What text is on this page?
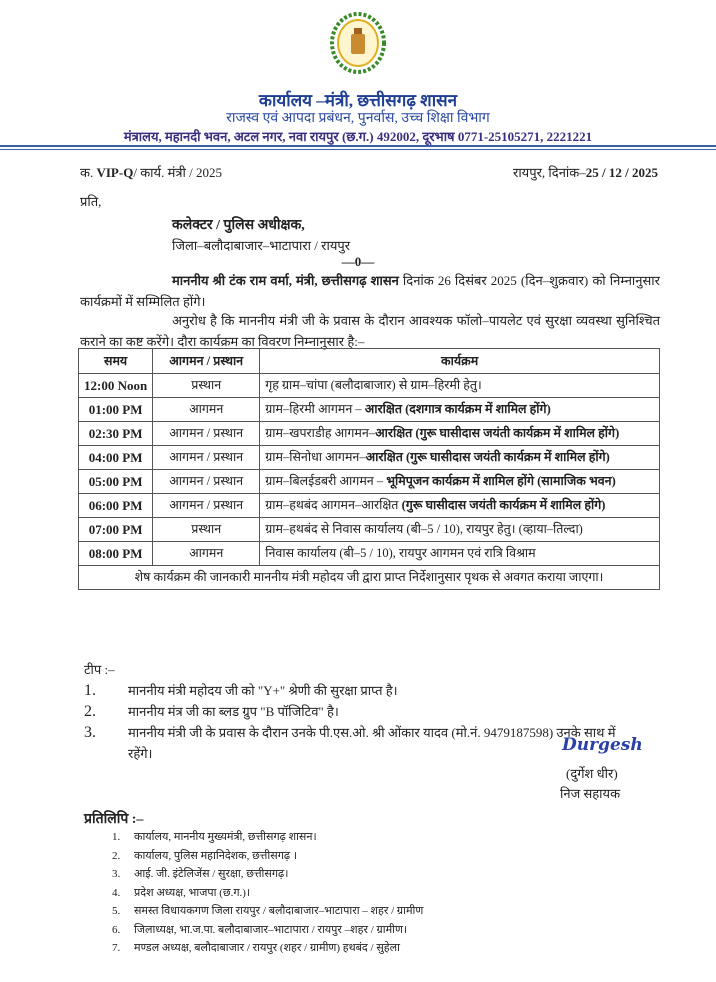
कार्यालय –मंत्री, छत्तीसगढ़ शासन
राजस्व एवं आपदा प्रबंधन, पुनर्वास, उच्च शिक्षा विभाग
मंत्रालय, महानदी भवन, अटल नगर, नवा रायपुर (छ.ग.) 492002, दूरभाष 0771-25105271, 2221221
क. VIP-Q/ कार्य. मंत्री / 2025	रायपुर, दिनांक–25 / 12 / 2025
प्रति,
कलेक्टर / पुलिस अधीक्षक,
जिला–बलौदाबाजार–भाटापारा / रायपुर
—0—
माननीय श्री टंक राम वर्मा, मंत्री, छत्तीसगढ़ शासन दिनांक 26 दिसंबर 2025 (दिन–शुक्रवार) को निम्नानुसार कार्यक्रमों में सम्मिलित होंगे।
अनुरोध है कि माननीय मंत्री जी के प्रवास के दौरान आवश्यक फॉलो–पायलेट एवं सुरक्षा व्यवस्था सुनिश्चित कराने का कष्ट करेंगे। दौरा कार्यक्रम का विवरण निम्नानुसार है:–
समय	आगमन / प्रस्थान	कार्यक्रम
12:00 Noon	प्रस्थान	गृह ग्राम–चांपा (बलौदाबाजार) से ग्राम–हिरमी हेतु।
01:00 PM	आगमन	ग्राम–हिरमी आगमन – आरक्षित (दशगात्र कार्यक्रम में शामिल होंगे)
02:30 PM	आगमन / प्रस्थान	ग्राम–खपराडीह आगमन–आरक्षित (गुरू घासीदास जयंती कार्यक्रम में शामिल होंगे)
04:00 PM	आगमन / प्रस्थान	ग्राम–सिनोधा आगमन–आरक्षित (गुरू घासीदास जयंती कार्यक्रम में शामिल होंगे)
05:00 PM	आगमन / प्रस्थान	ग्राम–बिलईडबरी आगमन – भूमिपूजन कार्यक्रम में शामिल होंगे (सामाजिक भवन)
06:00 PM	आगमन / प्रस्थान	ग्राम–हथबंद आगमन–आरक्षित (गुरू घासीदास जयंती कार्यक्रम में शामिल होंगे)
07:00 PM	प्रस्थान	ग्राम–हथबंद से निवास कार्यालय (बी–5 / 10), रायपुर हेतु। (व्हाया–तिल्दा)
08:00 PM	आगमन	निवास कार्यालय (बी–5 / 10), रायपुर आगमन एवं रात्रि विश्राम
शेष कार्यक्रम की जानकारी माननीय मंत्री महोदय जी द्वारा प्राप्त निर्देशानुसार पृथक से अवगत कराया जाएगा।		
टीप :–
1. माननीय मंत्री महोदय जी को "Y+" श्रेणी की सुरक्षा प्राप्त है।
2. माननीय मंत्र जी का ब्लड ग्रुप "B पॉजिटिव" है।
3. माननीय मंत्री जी के प्रवास के दौरान उनके पी.एस.ओ. श्री ओंकार यादव (मो.नं. 9479187598) उनके साथ में रहेंगे।	Durgesh
(दुर्गेश धीर)
निज सहायक
प्रतिलिपि :–
1. कार्यालय, माननीय मुख्यमंत्री, छत्तीसगढ़ शासन।
2. कार्यालय, पुलिस महानिदेशक, छत्तीसगढ़ ।
3. आई. जी. इंटेलिजेंस / सुरक्षा, छत्तीसगढ़।
4. प्रदेश अध्यक्ष, भाजपा (छ.ग.)।
5. समस्त विधायकगण जिला रायपुर / बलौदाबाजार–भाटापारा – शहर / ग्रामीण
6. जिलाध्यक्ष, भा.ज.पा. बलौदाबाजार–भाटापारा / रायपुर –शहर / ग्रामीण।
7. मण्डल अध्यक्ष, बलौदाबाजार / रायपुर (शहर / ग्रामीण) हथबंद / सुहेला
